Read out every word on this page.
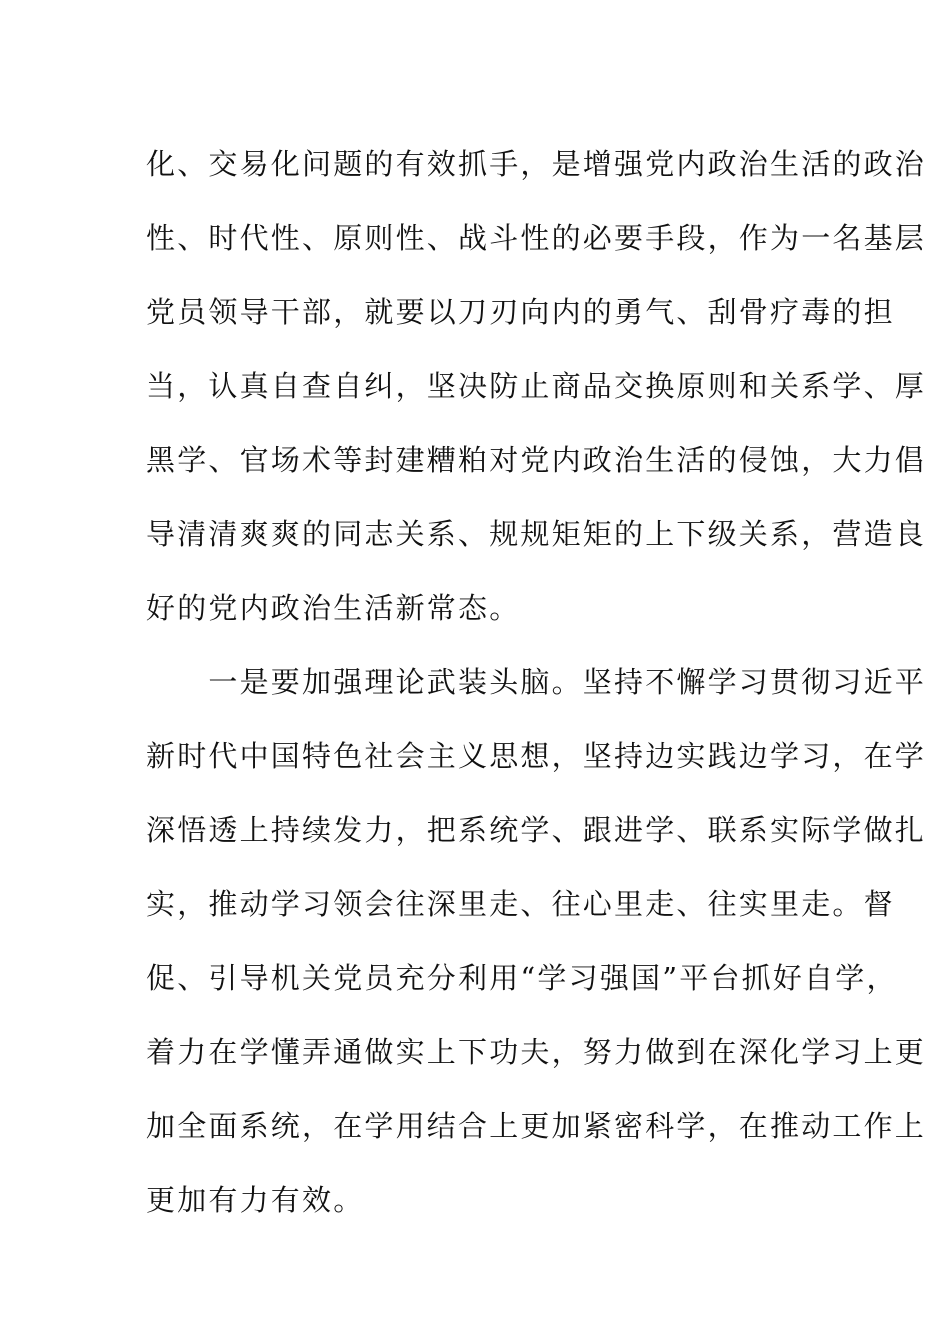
化、交易化问题的有效抓手，是增强党内政治生活的政治
性、时代性、原则性、战斗性的必要手段，作为一名基层
党员领导干部，就要以刀刃向内的勇气、刮骨疗毒的担
当，认真自查自纠，坚决防止商品交换原则和关系学、厚
黑学、官场术等封建糟粕对党内政治生活的侵蚀，大力倡
导清清爽爽的同志关系、规规矩矩的上下级关系，营造良
好的党内政治生活新常态。
　　一是要加强理论武装头脑。坚持不懈学习贯彻习近平
新时代中国特色社会主义思想，坚持边实践边学习，在学
深悟透上持续发力，把系统学、跟进学、联系实际学做扎
实，推动学习领会往深里走、往心里走、往实里走。督
促、引导机关党员充分利用“学习强国”平台抓好自学，
着力在学懂弄通做实上下功夫，努力做到在深化学习上更
加全面系统，在学用结合上更加紧密科学，在推动工作上
更加有力有效。
